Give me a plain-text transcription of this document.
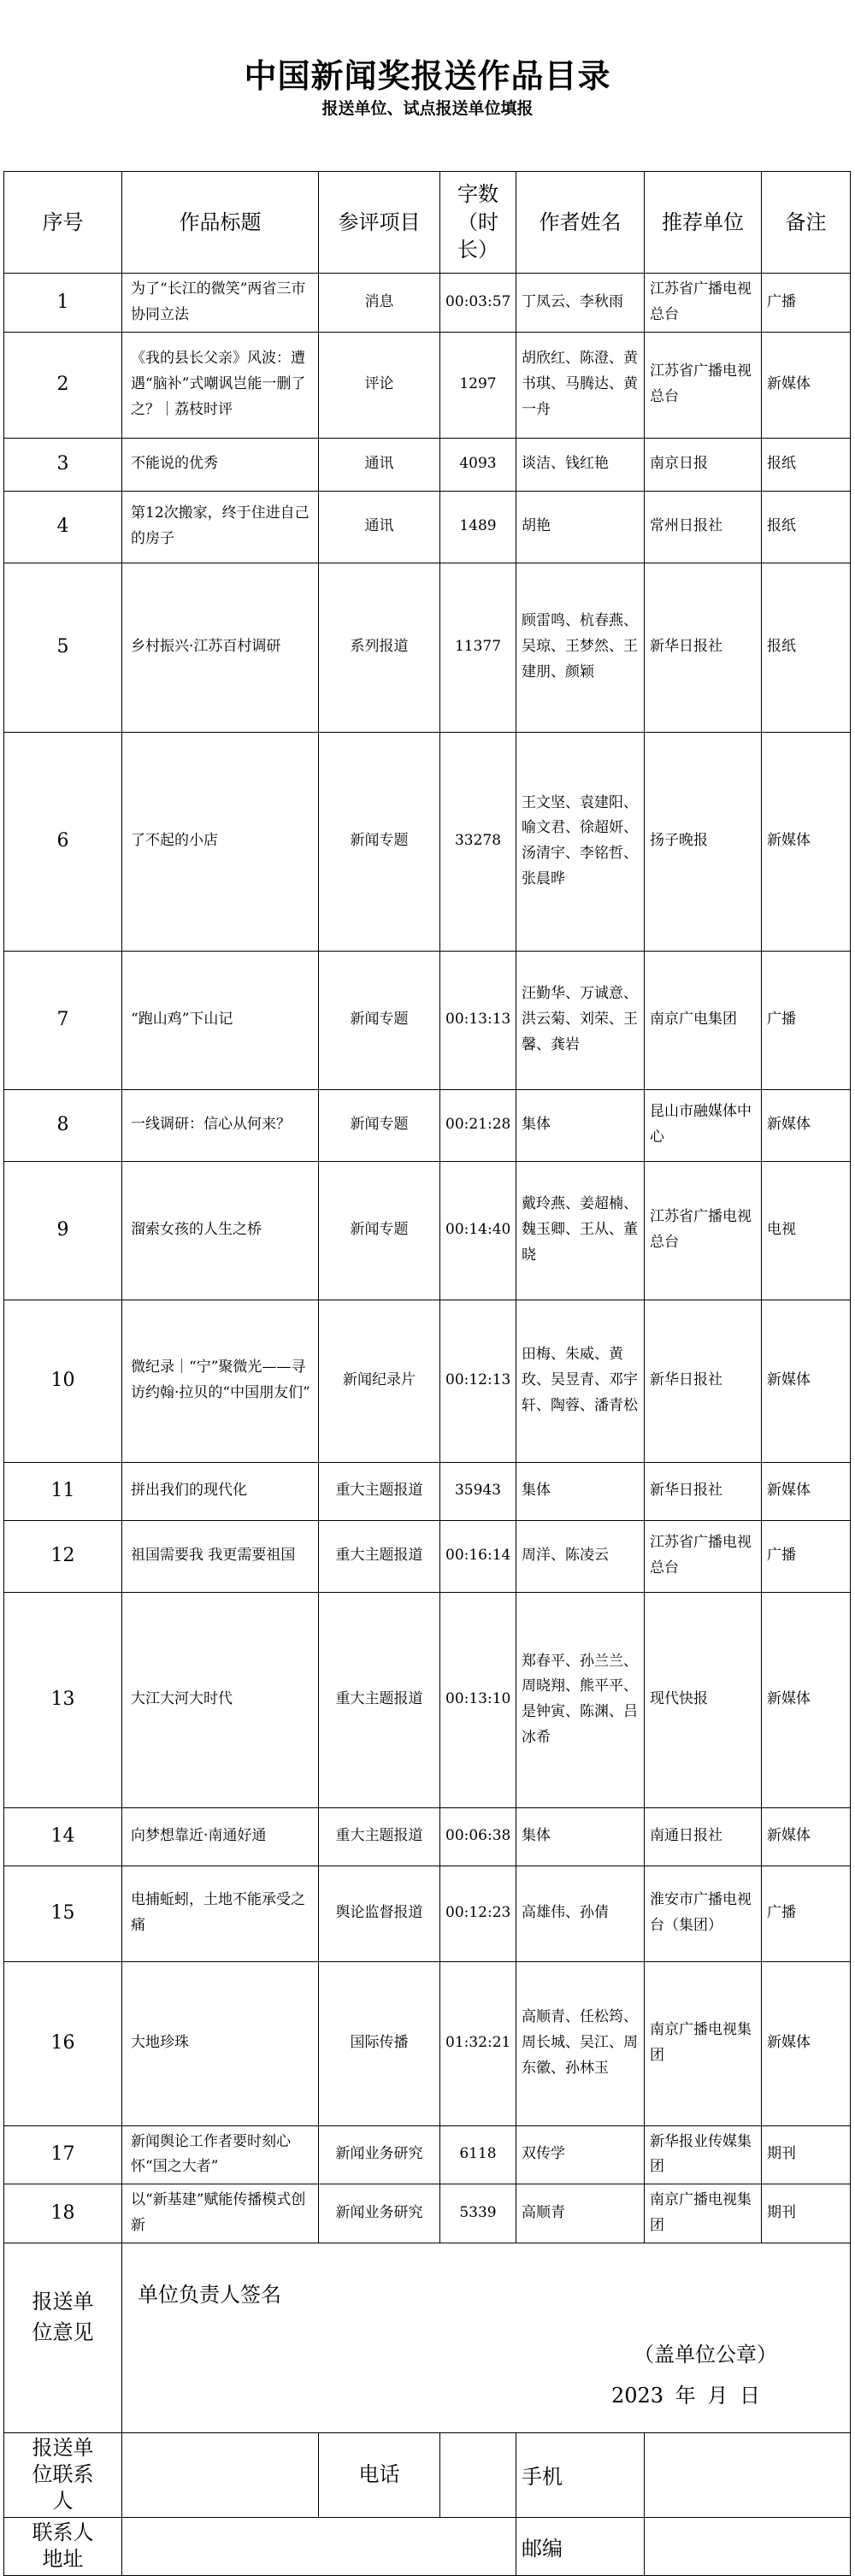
中国新闻奖报送作品目录
报送单位、试点报送单位填报
序号	作品标题	参评项目	字数（时长）	作者姓名	推荐单位	备注
1	为了“长江的微笑”两省三市协同立法	消息	00:03:57	丁凤云、李秋雨	江苏省广播电视总台	广播
2	《我的县长父亲》风波：遭遇“脑补”式嘲讽岂能一删了之？｜荔枝时评	评论	1297	胡欣红、陈澄、黄书琪、马腾达、黄一舟	江苏省广播电视总台	新媒体
3	不能说的优秀	通讯	4093	谈洁、钱红艳	南京日报	报纸
4	第12次搬家，终于住进自己的房子	通讯	1489	胡艳	常州日报社	报纸
5	乡村振兴·江苏百村调研	系列报道	11377	顾雷鸣、杭春燕、吴琼、王梦然、王建朋、颜颖	新华日报社	报纸
6	了不起的小店	新闻专题	33278	王文坚、袁建阳、喻文君、徐超妍、汤清宇、李铭哲、张晨晔	扬子晚报	新媒体
7	“跑山鸡”下山记	新闻专题	00:13:13	汪勤华、万诚意、洪云菊、刘荣、王馨、龚岩	南京广电集团	广播
8	一线调研：信心从何来？	新闻专题	00:21:28	集体	昆山市融媒体中心	新媒体
9	溜索女孩的人生之桥	新闻专题	00:14:40	戴玲燕、姜超楠、魏玉卿、王从、董晓	江苏省广播电视总台	电视
10	微纪录｜“宁”聚微光——寻访约翰·拉贝的“中国朋友们”	新闻纪录片	00:12:13	田梅、朱威、黄玫、吴昱青、邓宇轩、陶蓉、潘青松	新华日报社	新媒体
11	拼出我们的现代化	重大主题报道	35943	集体	新华日报社	新媒体
12	祖国需要我 我更需要祖国	重大主题报道	00:16:14	周洋、陈凌云	江苏省广播电视总台	广播
13	大江大河大时代	重大主题报道	00:13:10	郑春平、孙兰兰、周晓翔、熊平平、是钟寅、陈渊、吕冰希	现代快报	新媒体
14	向梦想靠近·南通好通	重大主题报道	00:06:38	集体	南通日报社	新媒体
15	电捕蚯蚓，土地不能承受之痛	舆论监督报道	00:12:23	高雄伟、孙倩	淮安市广播电视台（集团）	广播
16	大地珍珠	国际传播	01:32:21	高顺青、任松筠、周长城、吴江、周东徽、孙林玉	南京广播电视集团	新媒体
17	新闻舆论工作者要时刻心怀“国之大者”	新闻业务研究	6118	双传学	新华报业传媒集团	期刊
18	以“新基建”赋能传播模式创新	新闻业务研究	5339	高顺青	南京广播电视集团	期刊
报送单位意见	单位负责人签名
（盖单位公章）
2023 年 月 日				

报送单位联系人		电话		手机	
联系人地址				邮编	
